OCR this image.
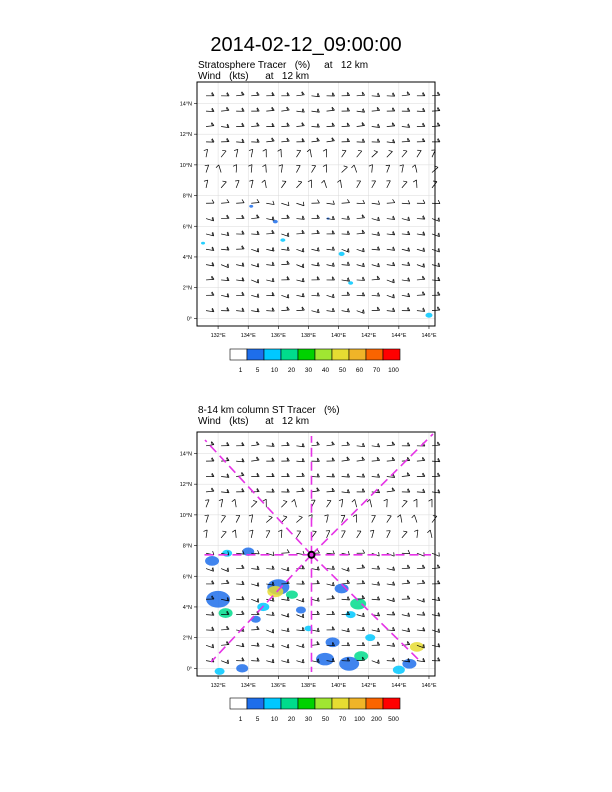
2014-02-12_09:00:00
Stratosphere Tracer   (%)     at   12 km
Wind   (kts)      at   12 km
8-14 km column ST Tracer   (%)
Wind   (kts)      at   12 km
14°N
12°N
10°N
8°N
6°N
4°N
2°N
0°
132°E	134°E	136°E	138°E	140°E	142°E	144°E	146°E
1 5 10 20 30 40 50 60 70 100
14°N
12°N
10°N
8°N
6°N
4°N
2°N
0°
132°E	134°E	136°E	138°E	140°E	142°E	144°E	146°E
1 5 10 20 30 50 70 100 200 500
